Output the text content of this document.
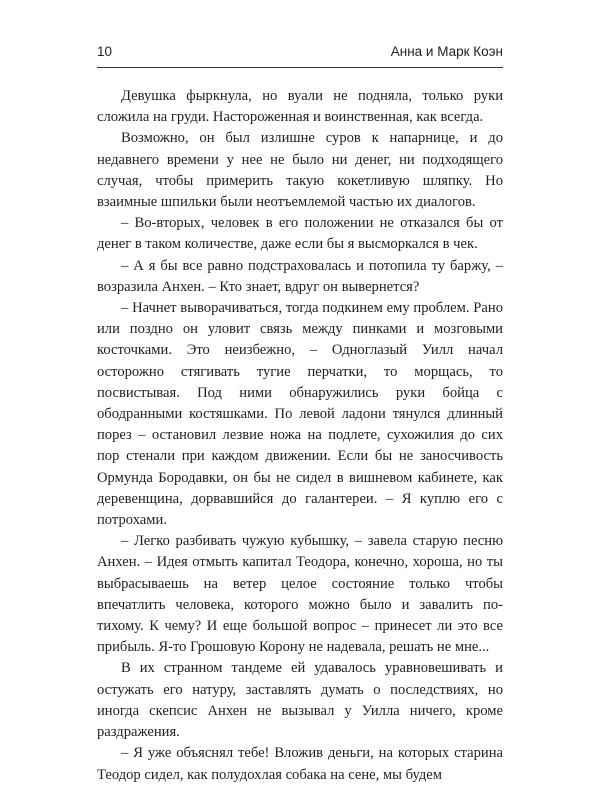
10	Анна и Марк Коэн

Девушка фыркнула, но вуали не подняла, только руки сложила на груди. Настороженная и воинственная, как всегда.

Возможно, он был излишне суров к напарнице, и до недавнего времени у нее не было ни денег, ни подходящего случая, чтобы примерить такую кокетливую шляпку. Но взаимные шпильки были неотъемлемой частью их диалогов.

– Во-вторых, человек в его положении не отказался бы от денег в таком количестве, даже если бы я высморкался в чек.

– А я бы все равно подстраховалась и потопила ту баржу, – возразила Анхен. – Кто знает, вдруг он вывернется?

– Начнет выворачиваться, тогда подкинем ему проблем. Рано или поздно он уловит связь между пинками и мозговыми косточками. Это неизбежно, – Одноглазый Уилл начал осторожно стягивать тугие перчатки, то морщась, то посвистывая. Под ними обнаружились руки бойца с ободранными костяшками. По левой ладони тянулся длинный порез – остановил лезвие ножа на подлете, сухожилия до сих пор стенали при каждом движении. Если бы не заносчивость Ормунда Бородавки, он бы не сидел в вишневом кабинете, как деревенщина, дорвавшийся до галантереи. – Я куплю его с потрохами.

– Легко разбивать чужую кубышку, – завела старую песню Анхен. – Идея отмыть капитал Теодора, конечно, хороша, но ты выбрасываешь на ветер целое состояние только чтобы впечатлить человека, которого можно было и завалить по-тихому. К чему? И еще большой вопрос – принесет ли это все прибыль. Я-то Грошовую Корону не надевала, решать не мне...

В их странном тандеме ей удавалось уравновешивать и остужать его натуру, заставлять думать о последствиях, но иногда скепсис Анхен не вызывал у Уилла ничего, кроме раздражения.

– Я уже объяснял тебе! Вложив деньги, на которых старина Теодор сидел, как полудохлая собака на сене, мы будем
